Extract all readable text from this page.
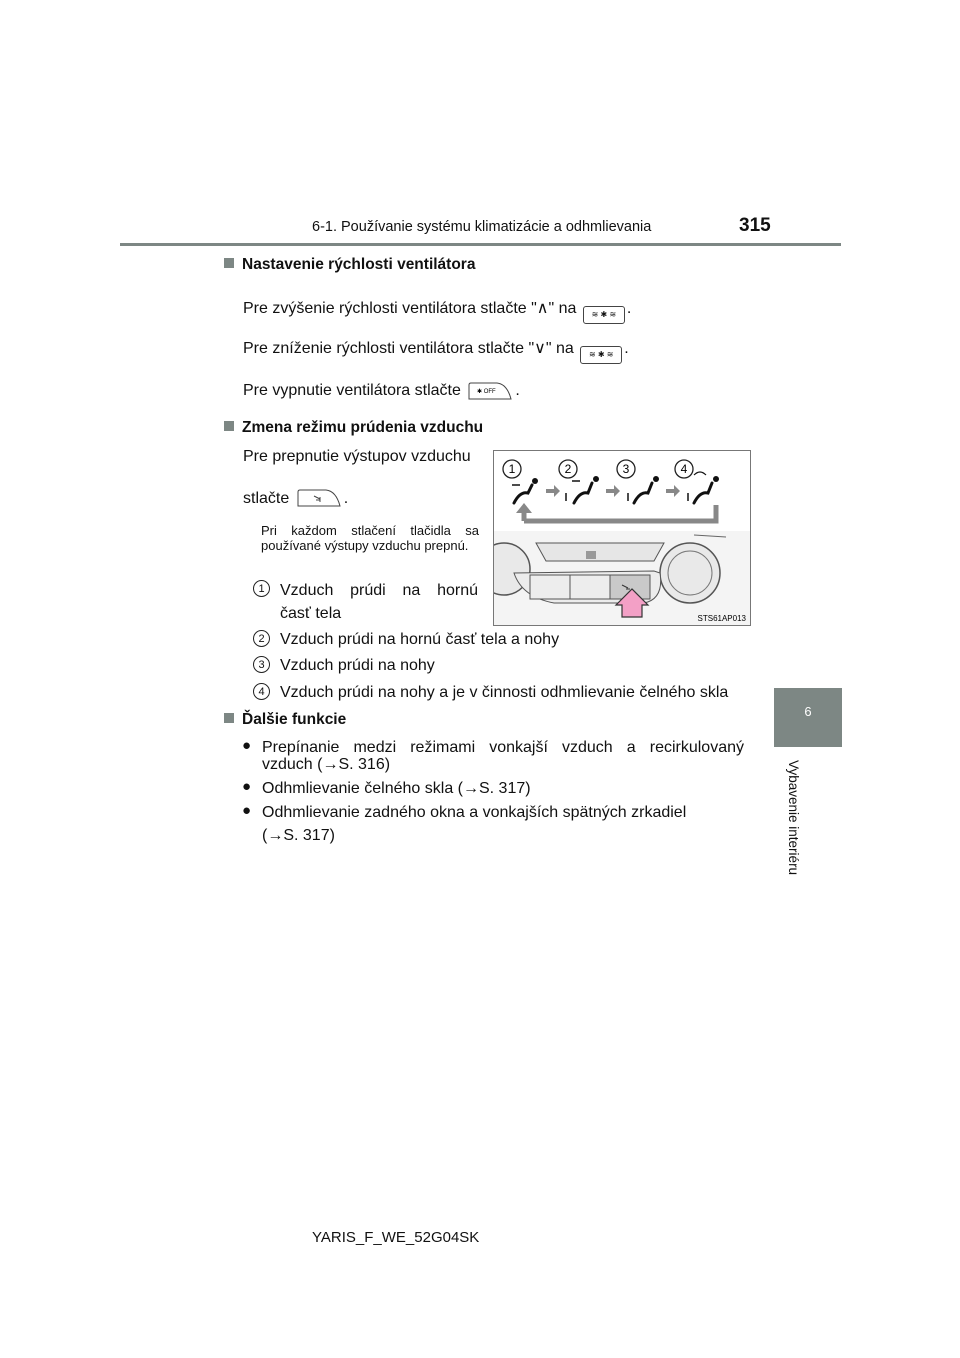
6-1. Používanie systému klimatizácie a odhmlievania	315
6
Vybavenie interiéru
Nastavenie rýchlosti ventilátora
Pre zvýšenie rýchlosti ventilátora stlačte "∧" na ≋ ✱ ≋ .
Pre zníženie rýchlosti ventilátora stlačte "∨" na ≋ ✱ ≋ .
Pre vypnutie ventilátora stlačte	✱ OFF .
Zmena režimu prúdenia vzduchu
Pre prepnutie výstupov vzduchu
stlačte	.
Pri každom stlačení tlačidla sa používané výstupy vzduchu prepnú.
1	2	3	4
STS61AP013
1 Vzduch prúdi na hornú
časť tela
2 Vzduch prúdi na hornú časť tela a nohy
3 Vzduch prúdi na nohy
4 Vzduch prúdi na nohy a je v činnosti odhmlievanie čelného skla
Ďalšie funkcie
● Prepínanie medzi režimami vonkajší vzduch a recirkulovaný
vzduch (→S. 316)
● Odhmlievanie čelného skla (→S. 317)
● Odhmlievanie zadného okna a vonkajších spätných zrkadiel
(→S. 317)
YARIS_F_WE_52G04SK
